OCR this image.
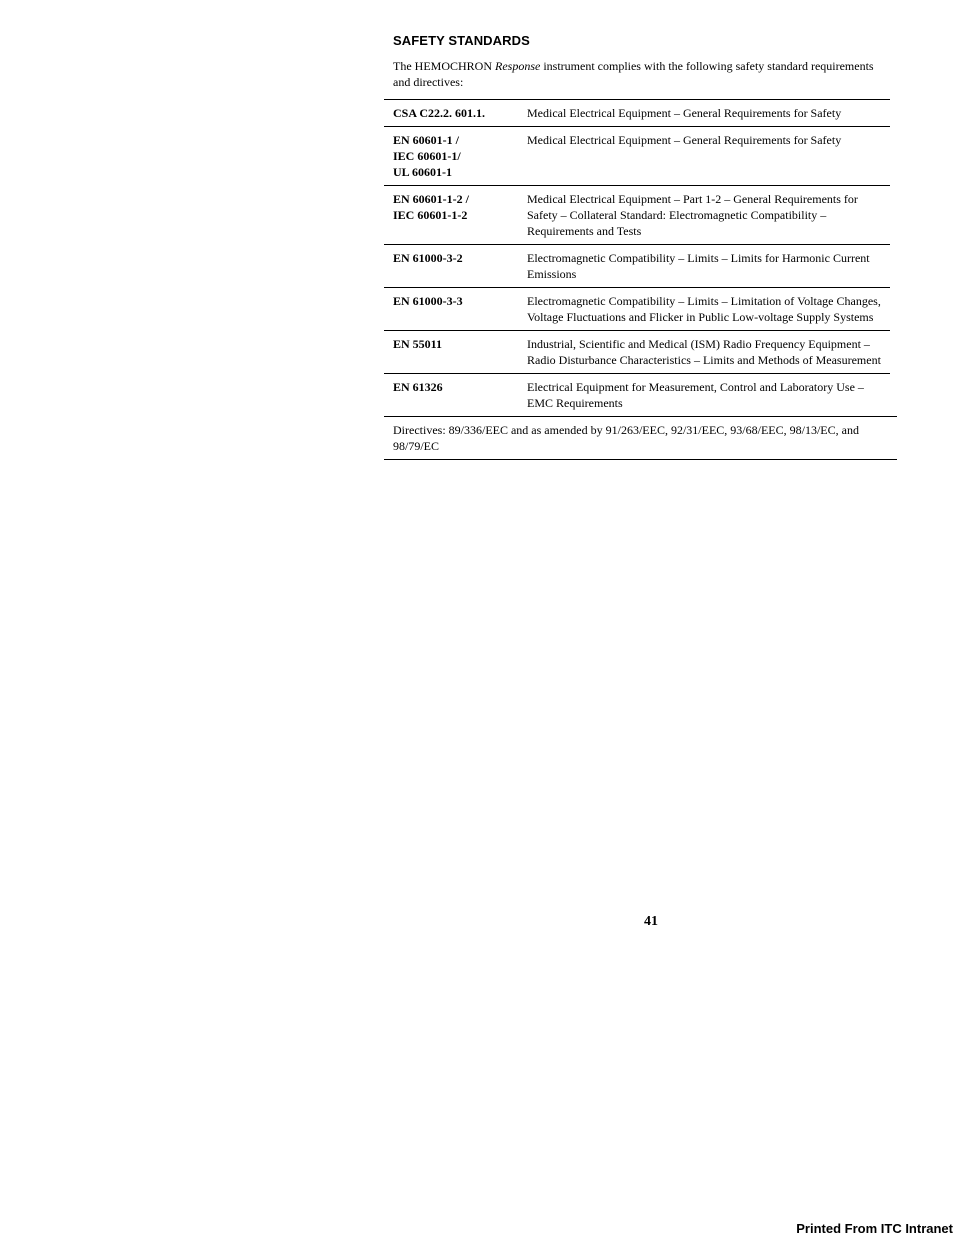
SAFETY STANDARDS

The HEMOCHRON Response instrument complies with the following safety standard requirements and directives:

CSA C22.2. 601.1.	Medical Electrical Equipment – General Requirements for Safety

EN 60601-1 /
IEC 60601-1/
UL 60601-1	Medical Electrical Equipment – General Requirements for Safety

EN 60601-1-2 /
IEC 60601-1-2	Medical Electrical Equipment – Part 1-2 – General Requirements for Safety – Collateral Standard: Electromagnetic Compatibility – Requirements and Tests

EN 61000-3-2	Electromagnetic Compatibility – Limits – Limits for Harmonic Current Emissions

EN 61000-3-3	Electromagnetic Compatibility – Limits – Limitation of Voltage Changes, Voltage Fluctuations and Flicker in Public Low-voltage Supply Systems

EN 55011	Industrial, Scientific and Medical (ISM) Radio Frequency Equipment – Radio Disturbance Characteristics – Limits and Methods of Measurement

EN 61326	Electrical Equipment for Measurement, Control and Laboratory Use – EMC Requirements
Directives: 89/336/EEC and as amended by 91/263/EEC, 92/31/EEC, 93/68/EEC, 98/13/EC, and 98/79/EC
41
Printed From ITC Intranet
